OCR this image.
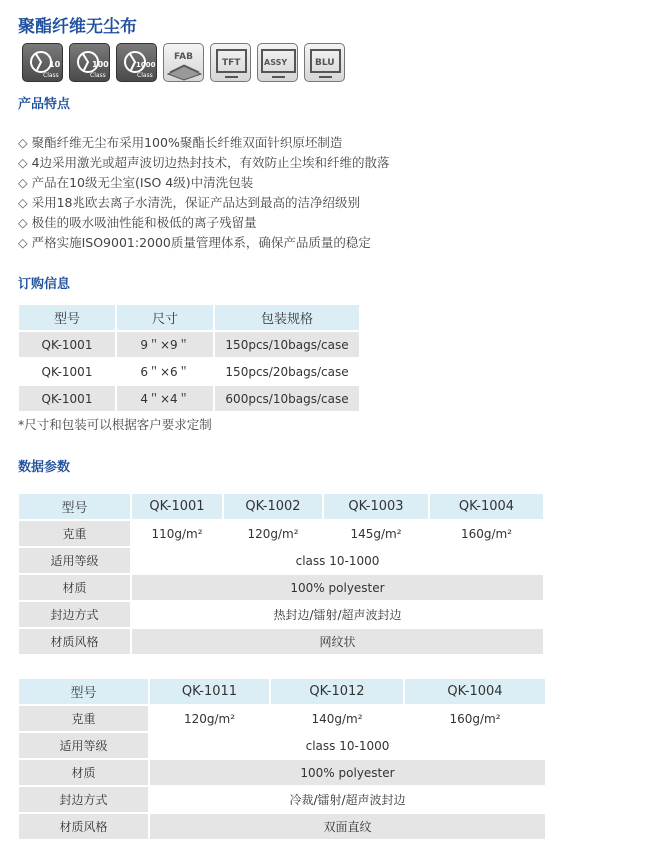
聚酯纤维无尘布
10
Class
100
Class
1000
Class
FAB
TFT	ASSY	BLU
产品特点
◇ 聚酯纤维无尘布采用100%聚酯长纤维双面针织原坯制造
◇ 4边采用激光或超声波切边热封技术，有效防止尘埃和纤维的散落
◇ 产品在10级无尘室(ISO 4级)中清洗包装
◇ 采用18兆欧去离子水清洗，保证产品达到最高的洁净绍级别
◇ 极佳的吸水吸油性能和极低的离子残留量
◇ 严格实施ISO9001:2000质量管理体系，确保产品质量的稳定
订购信息
型号	尺寸	包装规格
QK-1001	9＂×9＂	150pcs/10bags/case
QK-1001	6＂×6＂	150pcs/20bags/case
QK-1001	4＂×4＂	600pcs/10bags/case
*尺寸和包装可以根据客户要求定制
数据参数
型号	QK-1001	QK-1002	QK-1003	QK-1004
克重	110g/m²	120g/m²	145g/m²	160g/m²
适用等级	class 10-1000			
材质	100% polyester			
封边方式	热封边/镭射/超声波封边			
材质风格	网纹状			
型号	QK-1011	QK-1012	QK-1004
克重	120g/m²	140g/m²	160g/m²
适用等级	class 10-1000		
材质	100% polyester		
封边方式	冷裁/镭射/超声波封边		
材质风格	双面直纹		
